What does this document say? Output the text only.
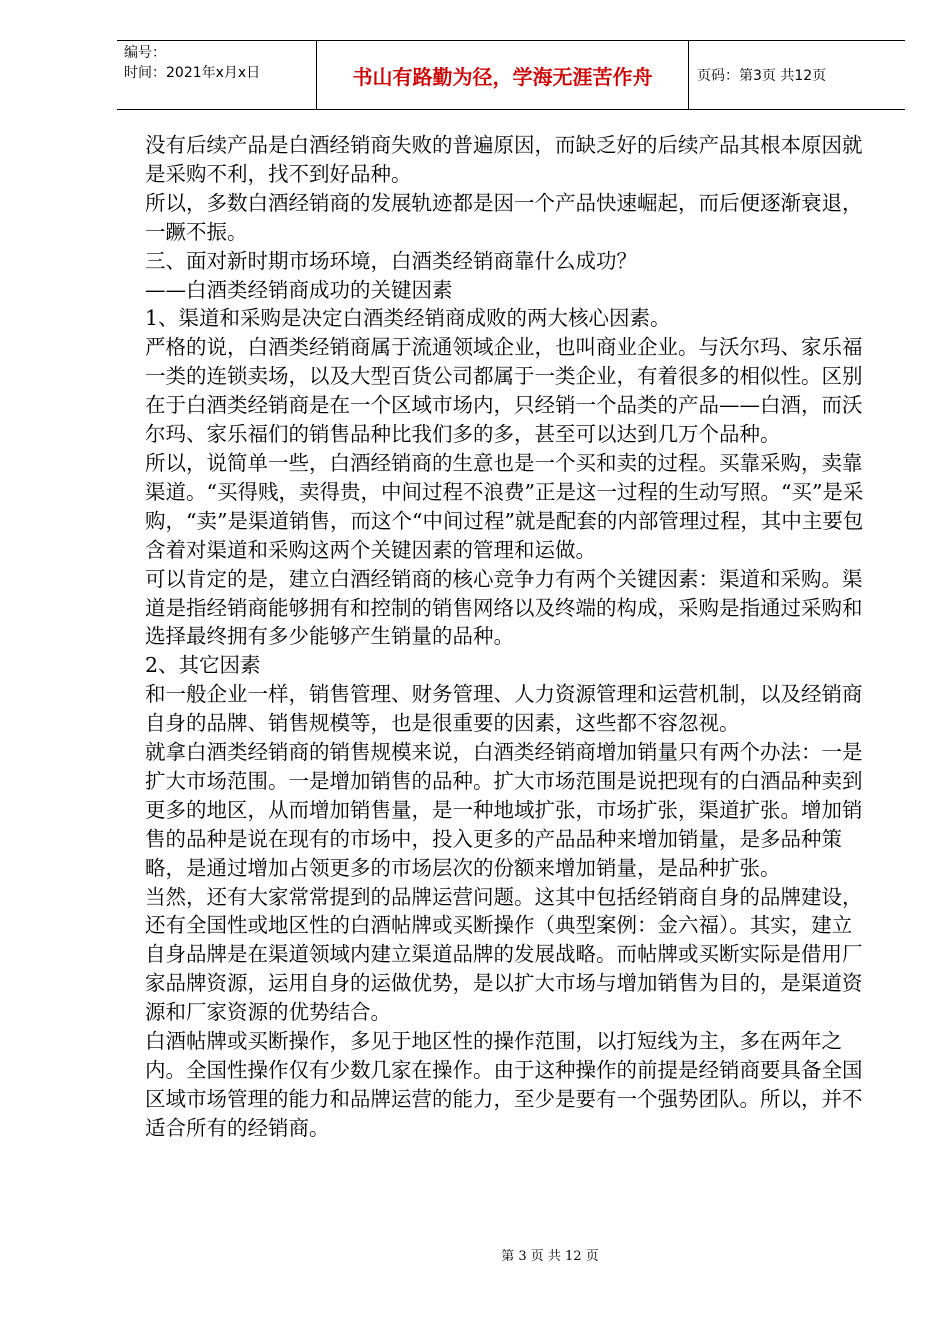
编号：
时间：2021年x月x日	书山有路勤为径，学海无涯苦作舟	页码：第3页 共12页

没有后续产品是白酒经销商失败的普遍原因，而缺乏好的后续产品其根本原因就是采购不利，找不到好品种。

所以，多数白酒经销商的发展轨迹都是因一个产品快速崛起，而后便逐渐衰退，一蹶不振。

三、面对新时期市场环境，白酒类经销商靠什么成功？

——白酒类经销商成功的关键因素

1、渠道和采购是决定白酒类经销商成败的两大核心因素。

严格的说，白酒类经销商属于流通领域企业，也叫商业企业。与沃尔玛、家乐福一类的连锁卖场，以及大型百货公司都属于一类企业，有着很多的相似性。区别在于白酒类经销商是在一个区域市场内，只经销一个品类的产品——白酒，而沃尔玛、家乐福们的销售品种比我们多的多，甚至可以达到几万个品种。

所以，说简单一些，白酒经销商的生意也是一个买和卖的过程。买靠采购，卖靠渠道。“买得贱，卖得贵，中间过程不浪费”正是这一过程的生动写照。“买”是采购，“卖”是渠道销售，而这个“中间过程”就是配套的内部管理过程，其中主要包含着对渠道和采购这两个关键因素的管理和运做。

可以肯定的是，建立白酒经销商的核心竞争力有两个关键因素：渠道和采购。渠道是指经销商能够拥有和控制的销售网络以及终端的构成，采购是指通过采购和选择最终拥有多少能够产生销量的品种。

2、其它因素

和一般企业一样，销售管理、财务管理、人力资源管理和运营机制，以及经销商自身的品牌、销售规模等，也是很重要的因素，这些都不容忽视。

就拿白酒类经销商的销售规模来说，白酒类经销商增加销量只有两个办法：一是扩大市场范围。一是增加销售的品种。扩大市场范围是说把现有的白酒品种卖到更多的地区，从而增加销售量，是一种地域扩张，市场扩张，渠道扩张。增加销售的品种是说在现有的市场中，投入更多的产品品种来增加销量，是多品种策略，是通过增加占领更多的市场层次的份额来增加销量，是品种扩张。

当然，还有大家常常提到的品牌运营问题。这其中包括经销商自身的品牌建设，还有全国性或地区性的白酒帖牌或买断操作（典型案例：金六福）。其实，建立自身品牌是在渠道领域内建立渠道品牌的发展战略。而帖牌或买断实际是借用厂家品牌资源，运用自身的运做优势，是以扩大市场与增加销售为目的，是渠道资源和厂家资源的优势结合。

白酒帖牌或买断操作，多见于地区性的操作范围，以打短线为主，多在两年之内。全国性操作仅有少数几家在操作。由于这种操作的前提是经销商要具备全国区域市场管理的能力和品牌运营的能力，至少是要有一个强势团队。所以，并不适合所有的经销商。

第 3 页 共 12 页
